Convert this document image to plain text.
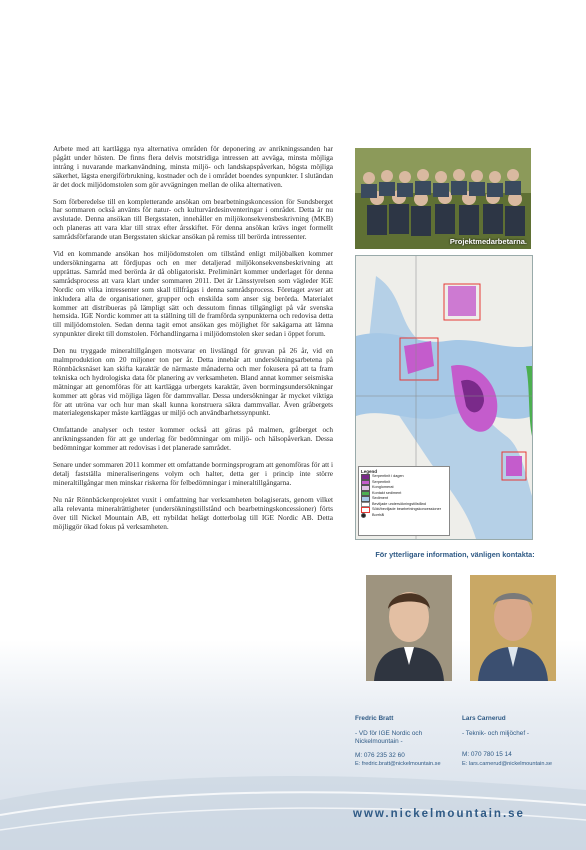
Arbete med att kartlägga nya alternativa områden för deponering av anrikningssanden har pågått under hösten. De finns flera delvis motstridiga intressen att avväga, minsta möjliga intrång i nuvarande markanvändning, minsta miljö- och landskapspåverkan, högsta möjliga säkerhet, lägsta energiförbrukning, kostnader och de i området boendes synpunkter. I slutändan är det dock miljödomstolen som gör avvägningen mellan de olika alternativen.

Som förberedelse till en kompletterande ansökan om bearbetningskoncession för Sundsberget har sommaren också använts för natur- och kulturvärdesinventeringar i området. Detta är nu avslutade. Denna ansökan till Bergsstaten, innehåller en miljökonsekvensbeskrivning (MKB) och planeras att vara klar till strax efter årsskiftet. För denna ansökan krävs inget formellt samrådsförfarande utan Bergsstaten skickar ansökan på remiss till berörda intressenter.

Vid en kommande ansökan hos miljödomstolen om tillstånd enligt miljöbalken kommer undersökningarna att fördjupas och en mer detaljerad miljökonsekvensbeskrivning att upprättas. Samråd med berörda är då obligatoriskt. Preliminärt kommer underlaget för denna samrådsprocess att vara klart under sommaren 2011. Det är Länsstyrelsen som vägleder IGE Nordic om vilka intressenter som skall tillfrågas i denna samrådsprocess. Företaget avser att inkludera alla de organisationer, grupper och enskilda som anser sig berörda. Materialet kommer att distribueras på lämpligt sätt och dessutom finnas tillgängligt på vår svenska hemsida. IGE Nordic kommer att ta ställning till de framförda synpunkterna och redovisa detta till miljödomstolen. Sedan denna tagit emot ansökan ges möjlighet för sakägarna att lämna synpunkter direkt till domstolen. Förhandlingarna i miljödomstolen sker sedan i öppet forum.

Den nu tryggade mineraltillgången motsvarar en livslängd för gruvan på 26 år, vid en malmproduktion om 20 miljoner ton per år. Detta innebär att undersökningsarbetena på Rönnbäcksnäset kan skifta karaktär de närmaste månaderna och mer fokusera på att ta fram tekniska och hydrologiska data för planering av verksamheten. Bland annat kommer seismiska mätningar att genomföras för att kartlägga urbergets karaktär, även borrningsundersökningar kommer att göras vid möjliga lägen för dammvallar. Dessa undersökningar är mycket viktiga för att utröna var och hur man skall kunna konstruera säkra dammvallar. Även gråbergets materialegenskaper måste kartläggas ur miljö och användbarhetssynpunkt.

Omfattande analyser och tester kommer också att göras på malmen, gråberget och anrikningssanden för att ge underlag för bedömningar om miljö- och hälsopåverkan. Dessa bedömningar kommer att redovisas i det planerade samrådet.

Senare under sommaren 2011 kommer ett omfattande borrningsprogram att genomföras för att i detalj fastställa mineraliseringens volym och halter, detta ger i princip inte större mineraltillgångar men minskar riskerna för felbedömningar i mineraltillgångarna.

Nu när Rönnbäckenprojektet vuxit i omfattning har verksamheten bolagiserats, genom vilket alla relevanta mineralrättigheter (undersökningstillstånd och bearbetningskoncessioner) förts över till Nickel Mountain AB, ett nybildat helägt dotterbolag till IGE Nordic AB. Detta möjliggör ökad fokus på verksamheten.

Projektmedarbetarna.
Legend
Serpentinit i dagen
Serpentinit
Konglomerat
Kontakt sediment
Sediment
Beviljade undersökningstillstånd
Sökt/beviljade bearbetningskoncessioner
Borrhål
För ytterligare information, vänligen kontakta:
Fredric Bratt
- VD för IGE Nordic och Nickelmountain -
M: 076 235 32 60
E: fredric.bratt@nickelmountain.se
Lars Carnerud
- Teknik- och miljöchef -
M: 070 780 15 14
E: lars.carnerud@nickelmountain.se
www.nickelmountain.se
